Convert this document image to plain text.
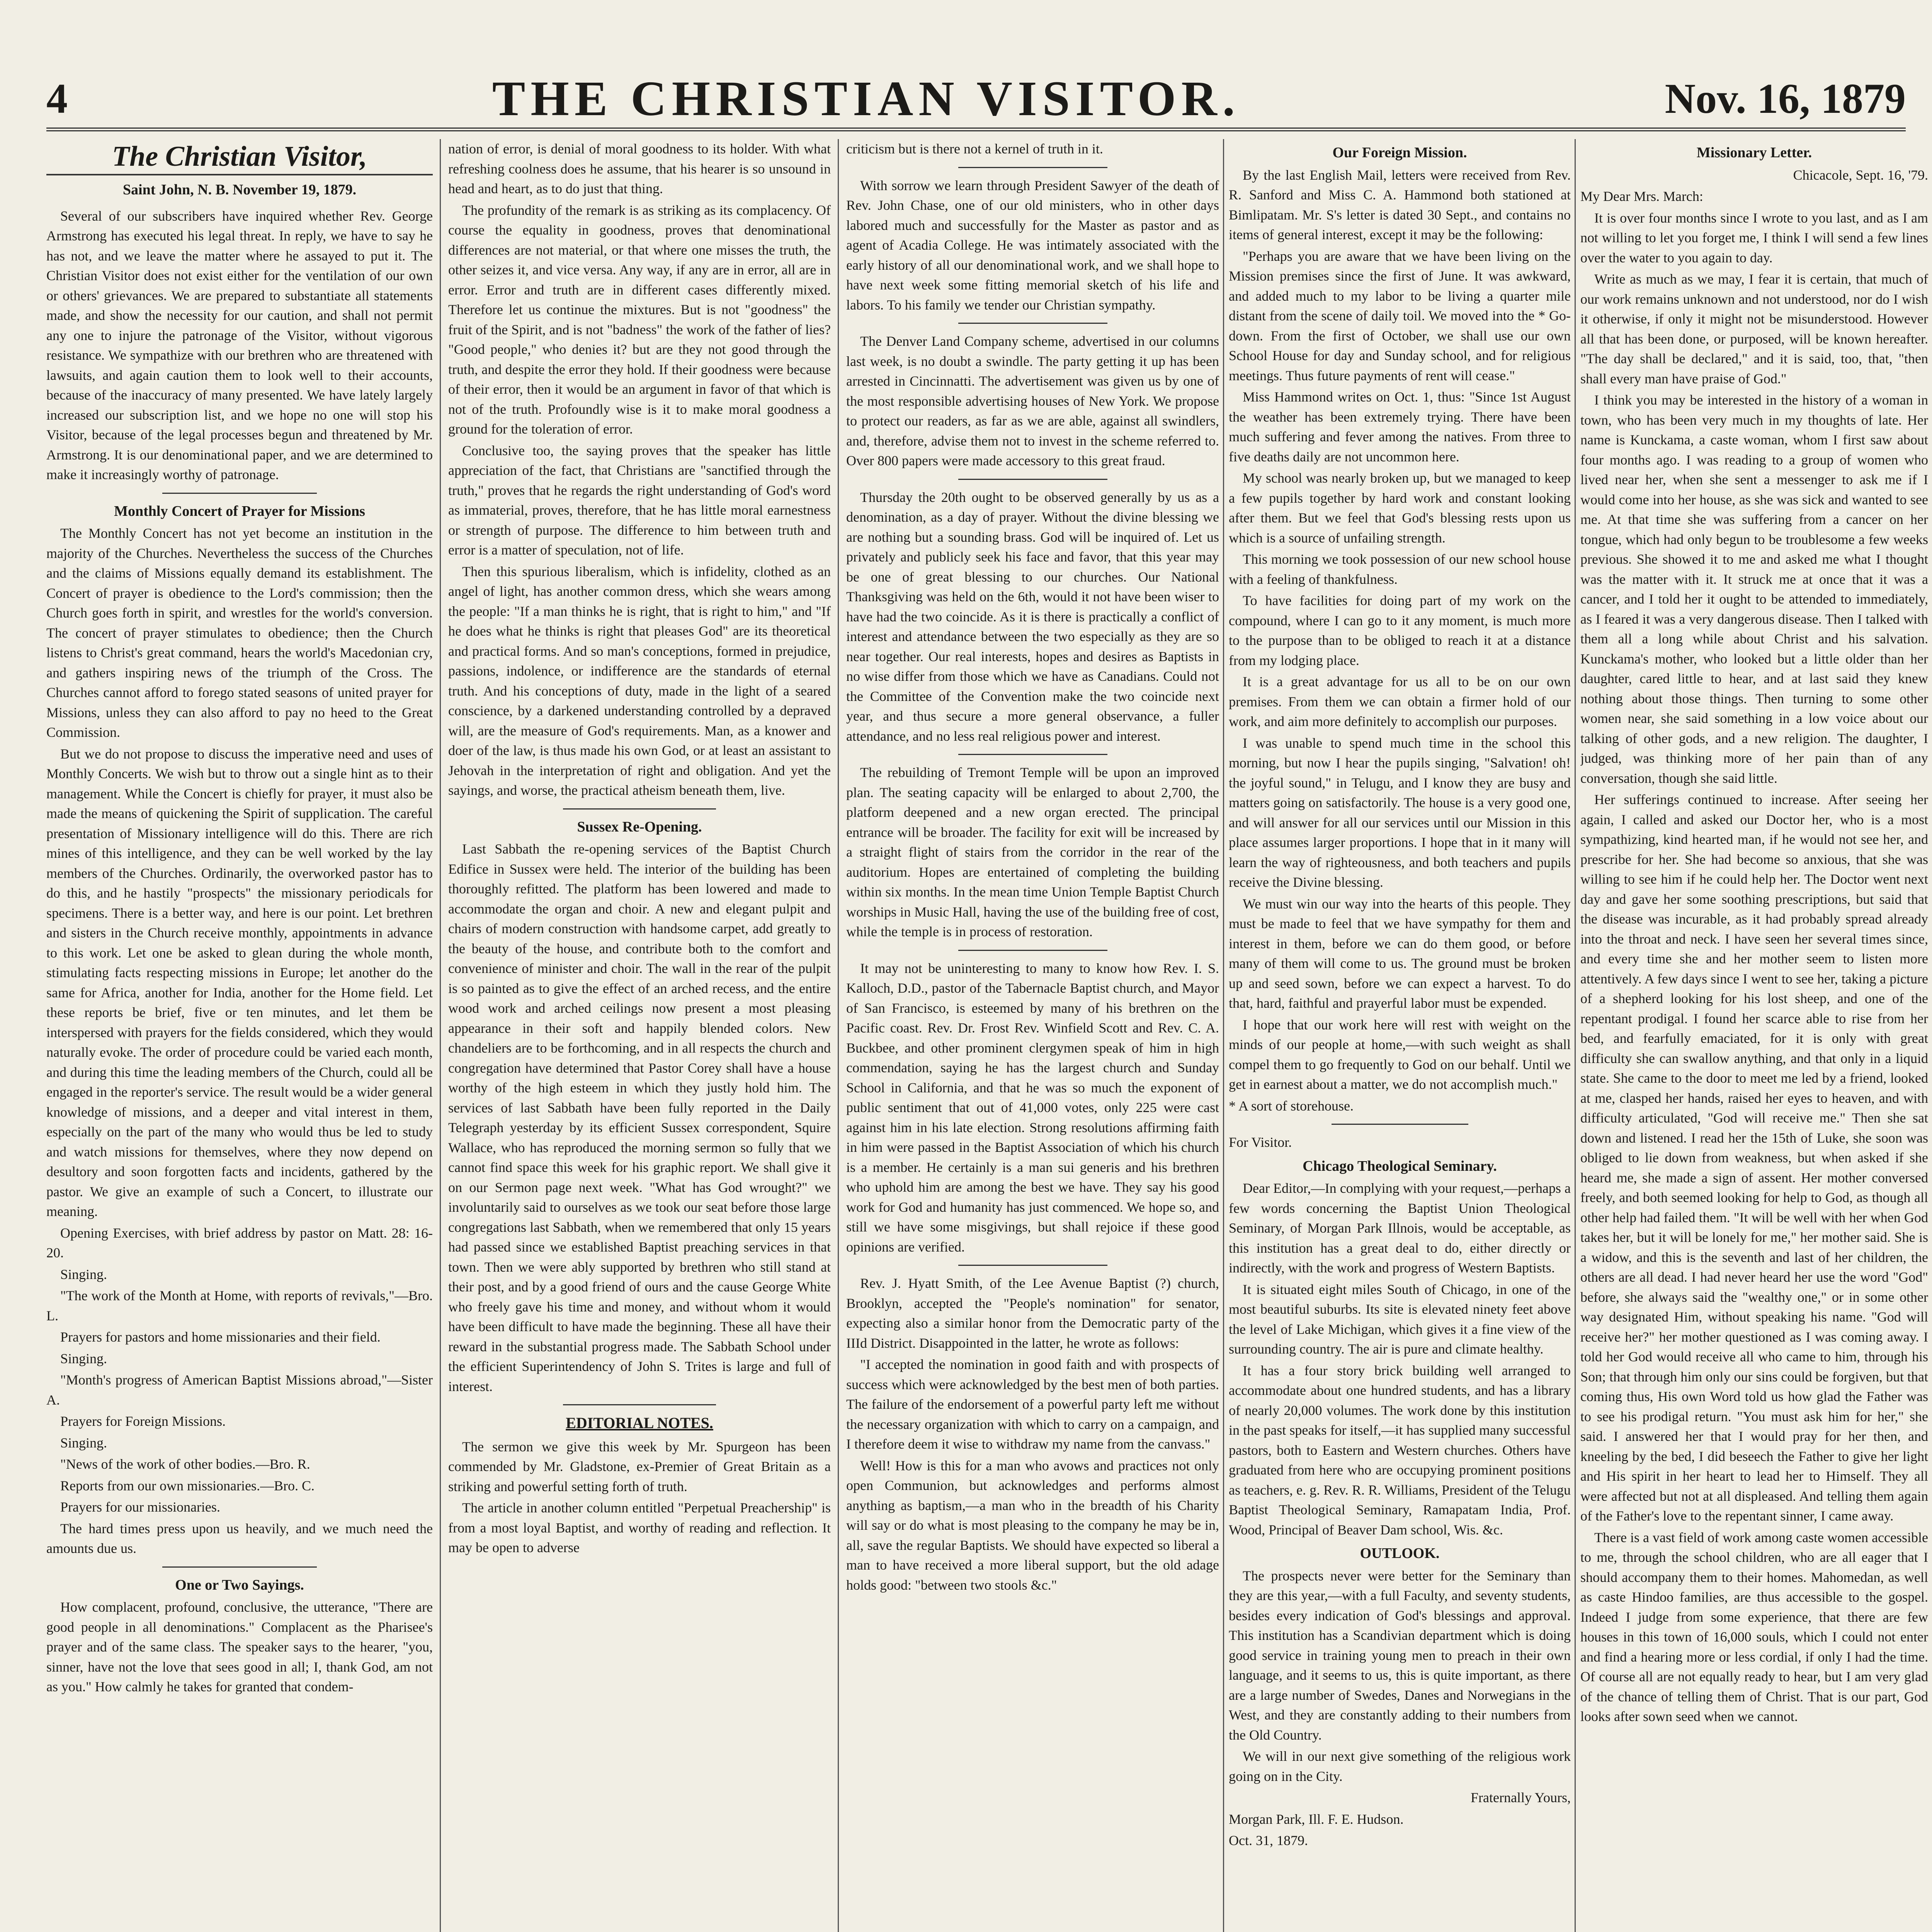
4	THE CHRISTIAN VISITOR.	Nov. 16, 1879
The Christian Visitor,
Saint John, N. B. November 19, 1879.

Several of our subscribers have inquired whether Rev. George Armstrong has executed his legal threat. In reply, we have to say he has not, and we leave the matter where he assayed to put it. The Christian Visitor does not exist either for the ventilation of our own or others' grievances. We are prepared to substantiate all statements made, and show the necessity for our caution, and shall not permit any one to injure the patronage of the Visitor, without vigorous resistance. We sympathize with our brethren who are threatened with lawsuits, and again caution them to look well to their accounts, because of the inaccuracy of many presented. We have lately largely increased our subscription list, and we hope no one will stop his Visitor, because of the legal processes begun and threatened by Mr. Armstrong. It is our denominational paper, and we are determined to make it increasingly worthy of patronage.

Monthly Concert of Prayer for Missions

The Monthly Concert has not yet become an institution in the majority of the Churches. Nevertheless the success of the Churches and the claims of Missions equally demand its establishment. The Concert of prayer is obedience to the Lord's commission; then the Church goes forth in spirit, and wrestles for the world's conversion. The concert of prayer stimulates to obedience; then the Church listens to Christ's great command, hears the world's Macedonian cry, and gathers inspiring news of the triumph of the Cross. The Churches cannot afford to forego stated seasons of united prayer for Missions, unless they can also afford to pay no heed to the Great Commission.

But we do not propose to discuss the imperative need and uses of Monthly Concerts. We wish but to throw out a single hint as to their management. While the Concert is chiefly for prayer, it must also be made the means of quickening the Spirit of supplication. The careful presentation of Missionary intelligence will do this. There are rich mines of this intelligence, and they can be well worked by the lay members of the Churches. Ordinarily, the overworked pastor has to do this, and he hastily "prospects" the missionary periodicals for specimens. There is a better way, and here is our point. Let brethren and sisters in the Church receive monthly, appointments in advance to this work. Let one be asked to glean during the whole month, stimulating facts respecting missions in Europe; let another do the same for Africa, another for India, another for the Home field. Let these reports be brief, five or ten minutes, and let them be interspersed with prayers for the fields considered, which they would naturally evoke. The order of procedure could be varied each month, and during this time the leading members of the Church, could all be engaged in the reporter's service. The result would be a wider general knowledge of missions, and a deeper and vital interest in them, especially on the part of the many who would thus be led to study and watch missions for themselves, where they now depend on desultory and soon forgotten facts and incidents, gathered by the pastor. We give an example of such a Concert, to illustrate our meaning.

Opening Exercises, with brief address by pastor on Matt. 28: 16-20.

Singing.

"The work of the Month at Home, with reports of revivals,"—Bro. L.

Prayers for pastors and home missionaries and their field.

Singing.

"Month's progress of American Baptist Missions abroad,"—Sister A.

Prayers for Foreign Missions.

Singing.

"News of the work of other bodies.—Bro. R.

Reports from our own missionaries.—Bro. C.

Prayers for our missionaries.

The hard times press upon us heavily, and we much need the amounts due us.

One or Two Sayings.

How complacent, profound, conclusive, the utterance, "There are good people in all denominations." Complacent as the Pharisee's prayer and of the same class. The speaker says to the hearer, "you, sinner, have not the love that sees good in all; I, thank God, am not as you." How calmly he takes for granted that condem-

nation of error, is denial of moral goodness to its holder. With what refreshing coolness does he assume, that his hearer is so unsound in head and heart, as to do just that thing.

The profundity of the remark is as striking as its complacency. Of course the equality in goodness, proves that denominational differences are not material, or that where one misses the truth, the other seizes it, and vice versa. Any way, if any are in error, all are in error. Error and truth are in different cases differently mixed. Therefore let us continue the mixtures. But is not "goodness" the fruit of the Spirit, and is not "badness" the work of the father of lies? "Good people," who denies it? but are they not good through the truth, and despite the error they hold. If their goodness were because of their error, then it would be an argument in favor of that which is not of the truth. Profoundly wise is it to make moral goodness a ground for the toleration of error.

Conclusive too, the saying proves that the speaker has little appreciation of the fact, that Christians are "sanctified through the truth," proves that he regards the right understanding of God's word as immaterial, proves, therefore, that he has little moral earnestness or strength of purpose. The difference to him between truth and error is a matter of speculation, not of life.

Then this spurious liberalism, which is infidelity, clothed as an angel of light, has another common dress, which she wears among the people: "If a man thinks he is right, that is right to him," and "If he does what he thinks is right that pleases God" are its theoretical and practical forms. And so man's conceptions, formed in prejudice, passions, indolence, or indifference are the standards of eternal truth. And his conceptions of duty, made in the light of a seared conscience, by a darkened understanding controlled by a depraved will, are the measure of God's requirements. Man, as a knower and doer of the law, is thus made his own God, or at least an assistant to Jehovah in the interpretation of right and obligation. And yet the sayings, and worse, the practical atheism beneath them, live.

Sussex Re-Opening.

Last Sabbath the re-opening services of the Baptist Church Edifice in Sussex were held. The interior of the building has been thoroughly refitted. The platform has been lowered and made to accommodate the organ and choir. A new and elegant pulpit and chairs of modern construction with handsome carpet, add greatly to the beauty of the house, and contribute both to the comfort and convenience of minister and choir. The wall in the rear of the pulpit is so painted as to give the effect of an arched recess, and the entire wood work and arched ceilings now present a most pleasing appearance in their soft and happily blended colors. New chandeliers are to be forthcoming, and in all respects the church and congregation have determined that Pastor Corey shall have a house worthy of the high esteem in which they justly hold him. The services of last Sabbath have been fully reported in the Daily Telegraph yesterday by its efficient Sussex correspondent, Squire Wallace, who has reproduced the morning sermon so fully that we cannot find space this week for his graphic report. We shall give it on our Sermon page next week. "What has God wrought?" we involuntarily said to ourselves as we took our seat before those large congregations last Sabbath, when we remembered that only 15 years had passed since we established Baptist preaching services in that town. Then we were ably supported by brethren who still stand at their post, and by a good friend of ours and the cause George White who freely gave his time and money, and without whom it would have been difficult to have made the beginning. These all have their reward in the substantial progress made. The Sabbath School under the efficient Superintendency of John S. Trites is large and full of interest.

EDITORIAL NOTES.

The sermon we give this week by Mr. Spurgeon has been commended by Mr. Gladstone, ex-Premier of Great Britain as a striking and powerful setting forth of truth.

The article in another column entitled "Perpetual Preachership" is from a most loyal Baptist, and worthy of reading and reflection. It may be open to adverse

criticism but is there not a kernel of truth in it.

With sorrow we learn through President Sawyer of the death of Rev. John Chase, one of our old ministers, who in other days labored much and successfully for the Master as pastor and as agent of Acadia College. He was intimately associated with the early history of all our denominational work, and we shall hope to have next week some fitting memorial sketch of his life and labors. To his family we tender our Christian sympathy.

The Denver Land Company scheme, advertised in our columns last week, is no doubt a swindle. The party getting it up has been arrested in Cincinnatti. The advertisement was given us by one of the most responsible advertising houses of New York. We propose to protect our readers, as far as we are able, against all swindlers, and, therefore, advise them not to invest in the scheme referred to. Over 800 papers were made accessory to this great fraud.

Thursday the 20th ought to be observed generally by us as a denomination, as a day of prayer. Without the divine blessing we are nothing but a sounding brass. God will be inquired of. Let us privately and publicly seek his face and favor, that this year may be one of great blessing to our churches. Our National Thanksgiving was held on the 6th, would it not have been wiser to have had the two coincide. As it is there is practically a conflict of interest and attendance between the two especially as they are so near together. Our real interests, hopes and desires as Baptists in no wise differ from those which we have as Canadians. Could not the Committee of the Convention make the two coincide next year, and thus secure a more general observance, a fuller attendance, and no less real religious power and interest.

The rebuilding of Tremont Temple will be upon an improved plan. The seating capacity will be enlarged to about 2,700, the platform deepened and a new organ erected. The principal entrance will be broader. The facility for exit will be increased by a straight flight of stairs from the corridor in the rear of the auditorium. Hopes are entertained of completing the building within six months. In the mean time Union Temple Baptist Church worships in Music Hall, having the use of the building free of cost, while the temple is in process of restoration.

It may not be uninteresting to many to know how Rev. I. S. Kalloch, D.D., pastor of the Tabernacle Baptist church, and Mayor of San Francisco, is esteemed by many of his brethren on the Pacific coast. Rev. Dr. Frost Rev. Winfield Scott and Rev. C. A. Buckbee, and other prominent clergymen speak of him in high commendation, saying he has the largest church and Sunday School in California, and that he was so much the exponent of public sentiment that out of 41,000 votes, only 225 were cast against him in his late election. Strong resolutions affirming faith in him were passed in the Baptist Association of which his church is a member. He certainly is a man sui generis and his brethren who uphold him are among the best we have. They say his good work for God and humanity has just commenced. We hope so, and still we have some misgivings, but shall rejoice if these good opinions are verified.

Rev. J. Hyatt Smith, of the Lee Avenue Baptist (?) church, Brooklyn, accepted the "People's nomination" for senator, expecting also a similar honor from the Democratic party of the IIId District. Disappointed in the latter, he wrote as follows:

"I accepted the nomination in good faith and with prospects of success which were acknowledged by the best men of both parties. The failure of the endorsement of a powerful party left me without the necessary organization with which to carry on a campaign, and I therefore deem it wise to withdraw my name from the canvass."

Well! How is this for a man who avows and practices not only open Communion, but acknowledges and performs almost anything as baptism,—a man who in the breadth of his Charity will say or do what is most pleasing to the company he may be in, all, save the regular Baptists. We should have expected so liberal a man to have received a more liberal support, but the old adage holds good: "between two stools &c."

Our Foreign Mission.

By the last English Mail, letters were received from Rev. R. Sanford and Miss C. A. Hammond both stationed at Bimlipatam. Mr. S's letter is dated 30 Sept., and contains no items of general interest, except it may be the following:

"Perhaps you are aware that we have been living on the Mission premises since the first of June. It was awkward, and added much to my labor to be living a quarter mile distant from the scene of daily toil. We moved into the * Go-down. From the first of October, we shall use our own School House for day and Sunday school, and for religious meetings. Thus future payments of rent will cease."

Miss Hammond writes on Oct. 1, thus: "Since 1st August the weather has been extremely trying. There have been much suffering and fever among the natives. From three to five deaths daily are not uncommon here.

My school was nearly broken up, but we managed to keep a few pupils together by hard work and constant looking after them. But we feel that God's blessing rests upon us which is a source of unfailing strength.

This morning we took possession of our new school house with a feeling of thankfulness.

To have facilities for doing part of my work on the compound, where I can go to it any moment, is much more to the purpose than to be obliged to reach it at a distance from my lodging place.

It is a great advantage for us all to be on our own premises. From them we can obtain a firmer hold of our work, and aim more definitely to accomplish our purposes.

I was unable to spend much time in the school this morning, but now I hear the pupils singing, "Salvation! oh! the joyful sound," in Telugu, and I know they are busy and matters going on satisfactorily. The house is a very good one, and will answer for all our services until our Mission in this place assumes larger proportions. I hope that in it many will learn the way of righteousness, and both teachers and pupils receive the Divine blessing.

We must win our way into the hearts of this people. They must be made to feel that we have sympathy for them and interest in them, before we can do them good, or before many of them will come to us. The ground must be broken up and seed sown, before we can expect a harvest. To do that, hard, faithful and prayerful labor must be expended.

I hope that our work here will rest with weight on the minds of our people at home,—with such weight as shall compel them to go frequently to God on our behalf. Until we get in earnest about a matter, we do not accomplish much."

* A sort of storehouse.

For Visitor.

Chicago Theological Seminary.

Dear Editor,—In complying with your request,—perhaps a few words concerning the Baptist Union Theological Seminary, of Morgan Park Illnois, would be acceptable, as this institution has a great deal to do, either directly or indirectly, with the work and progress of Western Baptists.

It is situated eight miles South of Chicago, in one of the most beautiful suburbs. Its site is elevated ninety feet above the level of Lake Michigan, which gives it a fine view of the surrounding country. The air is pure and climate healthy.

It has a four story brick building well arranged to accommodate about one hundred students, and has a library of nearly 20,000 volumes. The work done by this institution in the past speaks for itself,—it has supplied many successful pastors, both to Eastern and Western churches. Others have graduated from here who are occupying prominent positions as teachers, e. g. Rev. R. R. Williams, President of the Telugu Baptist Theological Seminary, Ramapatam India, Prof. Wood, Principal of Beaver Dam school, Wis. &c.

OUTLOOK.

The prospects never were better for the Seminary than they are this year,—with a full Faculty, and seventy students, besides every indication of God's blessings and approval. This institution has a Scandivian department which is doing good service in training young men to preach in their own language, and it seems to us, this is quite important, as there are a large number of Swedes, Danes and Norwegians in the West, and they are constantly adding to their numbers from the Old Country.

We will in our next give something of the religious work going on in the City.

Fraternally Yours,

Morgan Park, Ill. F. E. Hudson.

Oct. 31, 1879.

Missionary Letter.

Chicacole, Sept. 16, '79.

My Dear Mrs. March:

It is over four months since I wrote to you last, and as I am not willing to let you forget me, I think I will send a few lines over the water to you again to day.

Write as much as we may, I fear it is certain, that much of our work remains unknown and not understood, nor do I wish it otherwise, if only it might not be misunderstood. However all that has been done, or purposed, will be known hereafter. "The day shall be declared," and it is said, too, that, "then shall every man have praise of God."

I think you may be interested in the history of a woman in town, who has been very much in my thoughts of late. Her name is Kunckama, a caste woman, whom I first saw about four months ago. I was reading to a group of women who lived near her, when she sent a messenger to ask me if I would come into her house, as she was sick and wanted to see me. At that time she was suffering from a cancer on her tongue, which had only begun to be troublesome a few weeks previous. She showed it to me and asked me what I thought was the matter with it. It struck me at once that it was a cancer, and I told her it ought to be attended to immediately, as I feared it was a very dangerous disease. Then I talked with them all a long while about Christ and his salvation. Kunckama's mother, who looked but a little older than her daughter, cared little to hear, and at last said they knew nothing about those things. Then turning to some other women near, she said something in a low voice about our talking of other gods, and a new religion. The daughter, I judged, was thinking more of her pain than of any conversation, though she said little.

Her sufferings continued to increase. After seeing her again, I called and asked our Doctor her, who is a most sympathizing, kind hearted man, if he would not see her, and prescribe for her. She had become so anxious, that she was willing to see him if he could help her. The Doctor went next day and gave her some soothing prescriptions, but said that the disease was incurable, as it had probably spread already into the throat and neck. I have seen her several times since, and every time she and her mother seem to listen more attentively. A few days since I went to see her, taking a picture of a shepherd looking for his lost sheep, and one of the repentant prodigal. I found her scarce able to rise from her bed, and fearfully emaciated, for it is only with great difficulty she can swallow anything, and that only in a liquid state. She came to the door to meet me led by a friend, looked at me, clasped her hands, raised her eyes to heaven, and with difficulty articulated, "God will receive me." Then she sat down and listened. I read her the 15th of Luke, she soon was obliged to lie down from weakness, but when asked if she heard me, she made a sign of assent. Her mother conversed freely, and both seemed looking for help to God, as though all other help had failed them. "It will be well with her when God takes her, but it will be lonely for me," her mother said. She is a widow, and this is the seventh and last of her children, the others are all dead. I had never heard her use the word "God" before, she always said the "wealthy one," or in some other way designated Him, without speaking his name. "God will receive her?" her mother questioned as I was coming away. I told her God would receive all who came to him, through his Son; that through him only our sins could be forgiven, but that coming thus, His own Word told us how glad the Father was to see his prodigal return. "You must ask him for her," she said. I answered her that I would pray for her then, and kneeling by the bed, I did beseech the Father to give her light and His spirit in her heart to lead her to Himself. They all were affected but not at all displeased. And telling them again of the Father's love to the repentant sinner, I came away.

There is a vast field of work among caste women accessible to me, through the school children, who are all eager that I should accompany them to their homes. Mahomedan, as well as caste Hindoo families, are thus accessible to the gospel. Indeed I judge from some experience, that there are few houses in this town of 16,000 souls, which I could not enter and find a hearing more or less cordial, if only I had the time. Of course all are not equally ready to hear, but I am very glad of the chance of telling them of Christ. That is our part, God looks after sown seed when we cannot.
